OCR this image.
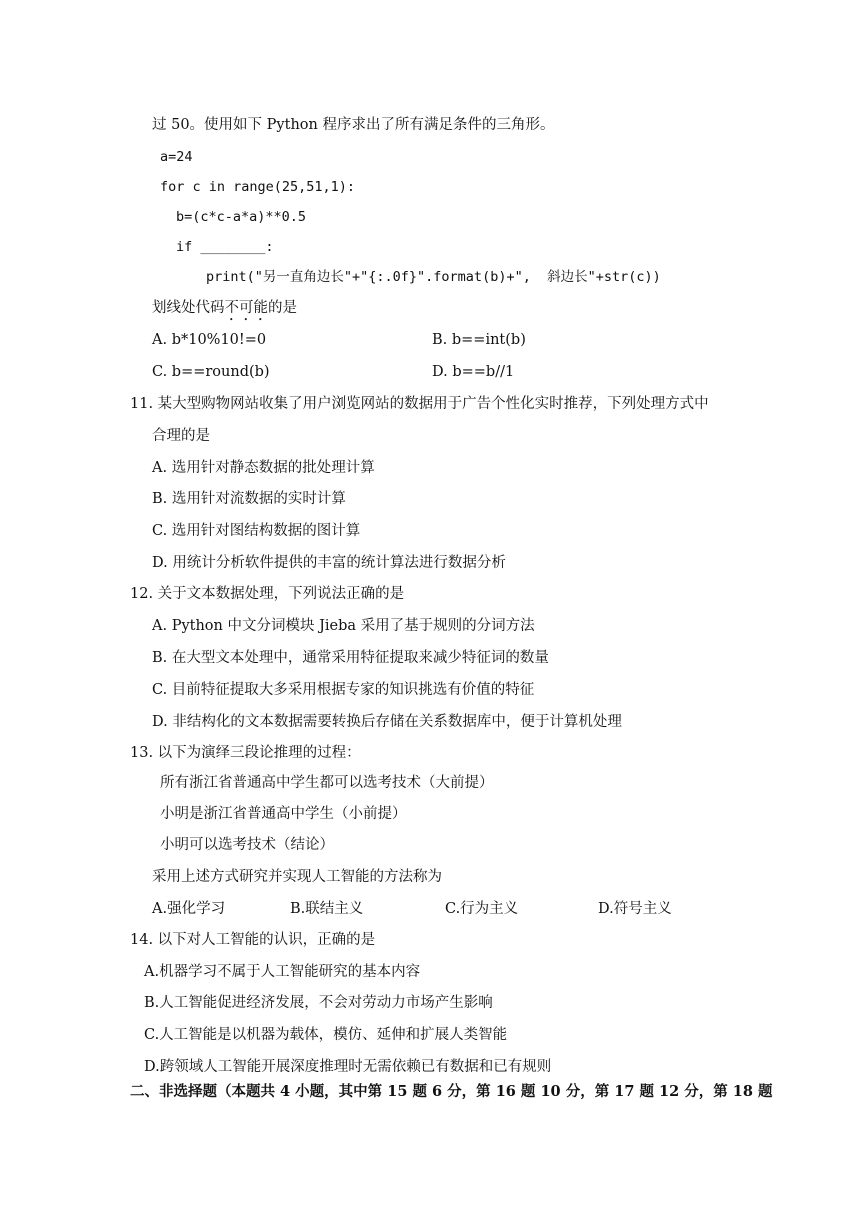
过 50。使用如下 Python 程序求出了所有满足条件的三角形。
a=24
for c in range(25,51,1):
b=(c*c-a*a)**0.5
if ________:
print("另一直角边长"+"{:.0f}".format(b)+",  斜边长"+str(c))
划线处代码不可能的是
A. b*10%10!=0	B. b==int(b)
C. b==round(b)	D. b==b//1
11. 某大型购物网站收集了用户浏览网站的数据用于广告个性化实时推荐，下列处理方式中
合理的是
A. 选用针对静态数据的批处理计算
B. 选用针对流数据的实时计算
C. 选用针对图结构数据的图计算
D. 用统计分析软件提供的丰富的统计算法进行数据分析
12. 关于文本数据处理，下列说法正确的是
A. Python 中文分词模块 Jieba 采用了基于规则的分词方法
B. 在大型文本处理中，通常采用特征提取来减少特征词的数量
C. 目前特征提取大多采用根据专家的知识挑选有价值的特征
D. 非结构化的文本数据需要转换后存储在关系数据库中，便于计算机处理
13. 以下为演绎三段论推理的过程：
所有浙江省普通高中学生都可以选考技术（大前提）
小明是浙江省普通高中学生（小前提）
小明可以选考技术（结论）
采用上述方式研究并实现人工智能的方法称为
A.强化学习	B.联结主义	C.行为主义	D.符号主义
14. 以下对人工智能的认识，正确的是
A.机器学习不属于人工智能研究的基本内容
B.人工智能促进经济发展，不会对劳动力市场产生影响
C.人工智能是以机器为载体，模仿、延伸和扩展人类智能
D.跨领域人工智能开展深度推理时无需依赖已有数据和已有规则
二、非选择题（本题共 4 小题，其中第 15 题 6 分，第 16 题 10 分，第 17 题 12 分，第 18 题
